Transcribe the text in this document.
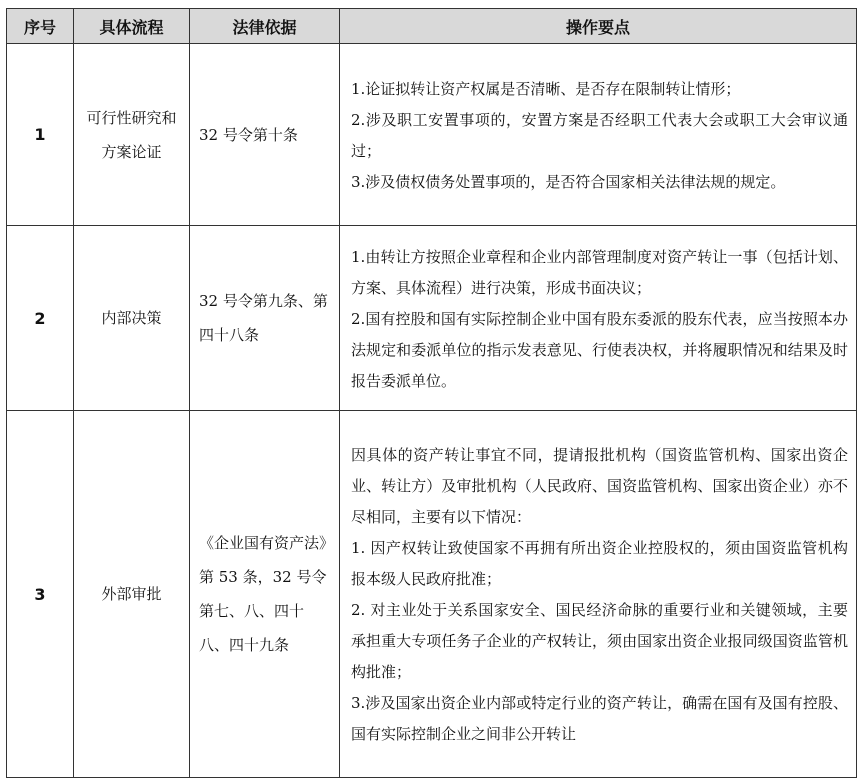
序号	具体流程	法律依据	操作要点
1	可行性研究和方案论证	32 号令第十条	1.论证拟转让资产权属是否清晰、是否存在限制转让情形；

2.涉及职工安置事项的，安置方案是否经职工代表大会或职工大会审议通过；

3.涉及债权债务处置事项的，是否符合国家相关法律法规的规定。

2	内部决策	32 号令第九条、第四十八条	1.由转让方按照企业章程和企业内部管理制度对资产转让一事（包括计划、方案、具体流程）进行决策，形成书面决议；

2.国有控股和国有实际控制企业中国有股东委派的股东代表，应当按照本办法规定和委派单位的指示发表意见、行使表决权，并将履职情况和结果及时报告委派单位。

3	外部审批	《企业国有资产法》第 53 条，32 号令第七、八、四十八、四十九条	因具体的资产转让事宜不同，提请报批机构（国资监管机构、国家出资企业、转让方）及审批机构（人民政府、国资监管机构、国家出资企业）亦不尽相同，主要有以下情况：

1. 因产权转让致使国家不再拥有所出资企业控股权的，须由国资监管机构报本级人民政府批准；

2. 对主业处于关系国家安全、国民经济命脉的重要行业和关键领域，主要承担重大专项任务子企业的产权转让，须由国家出资企业报同级国资监管机构批准；

3.涉及国家出资企业内部或特定行业的资产转让，确需在国有及国有控股、国有实际控制企业之间非公开转让
